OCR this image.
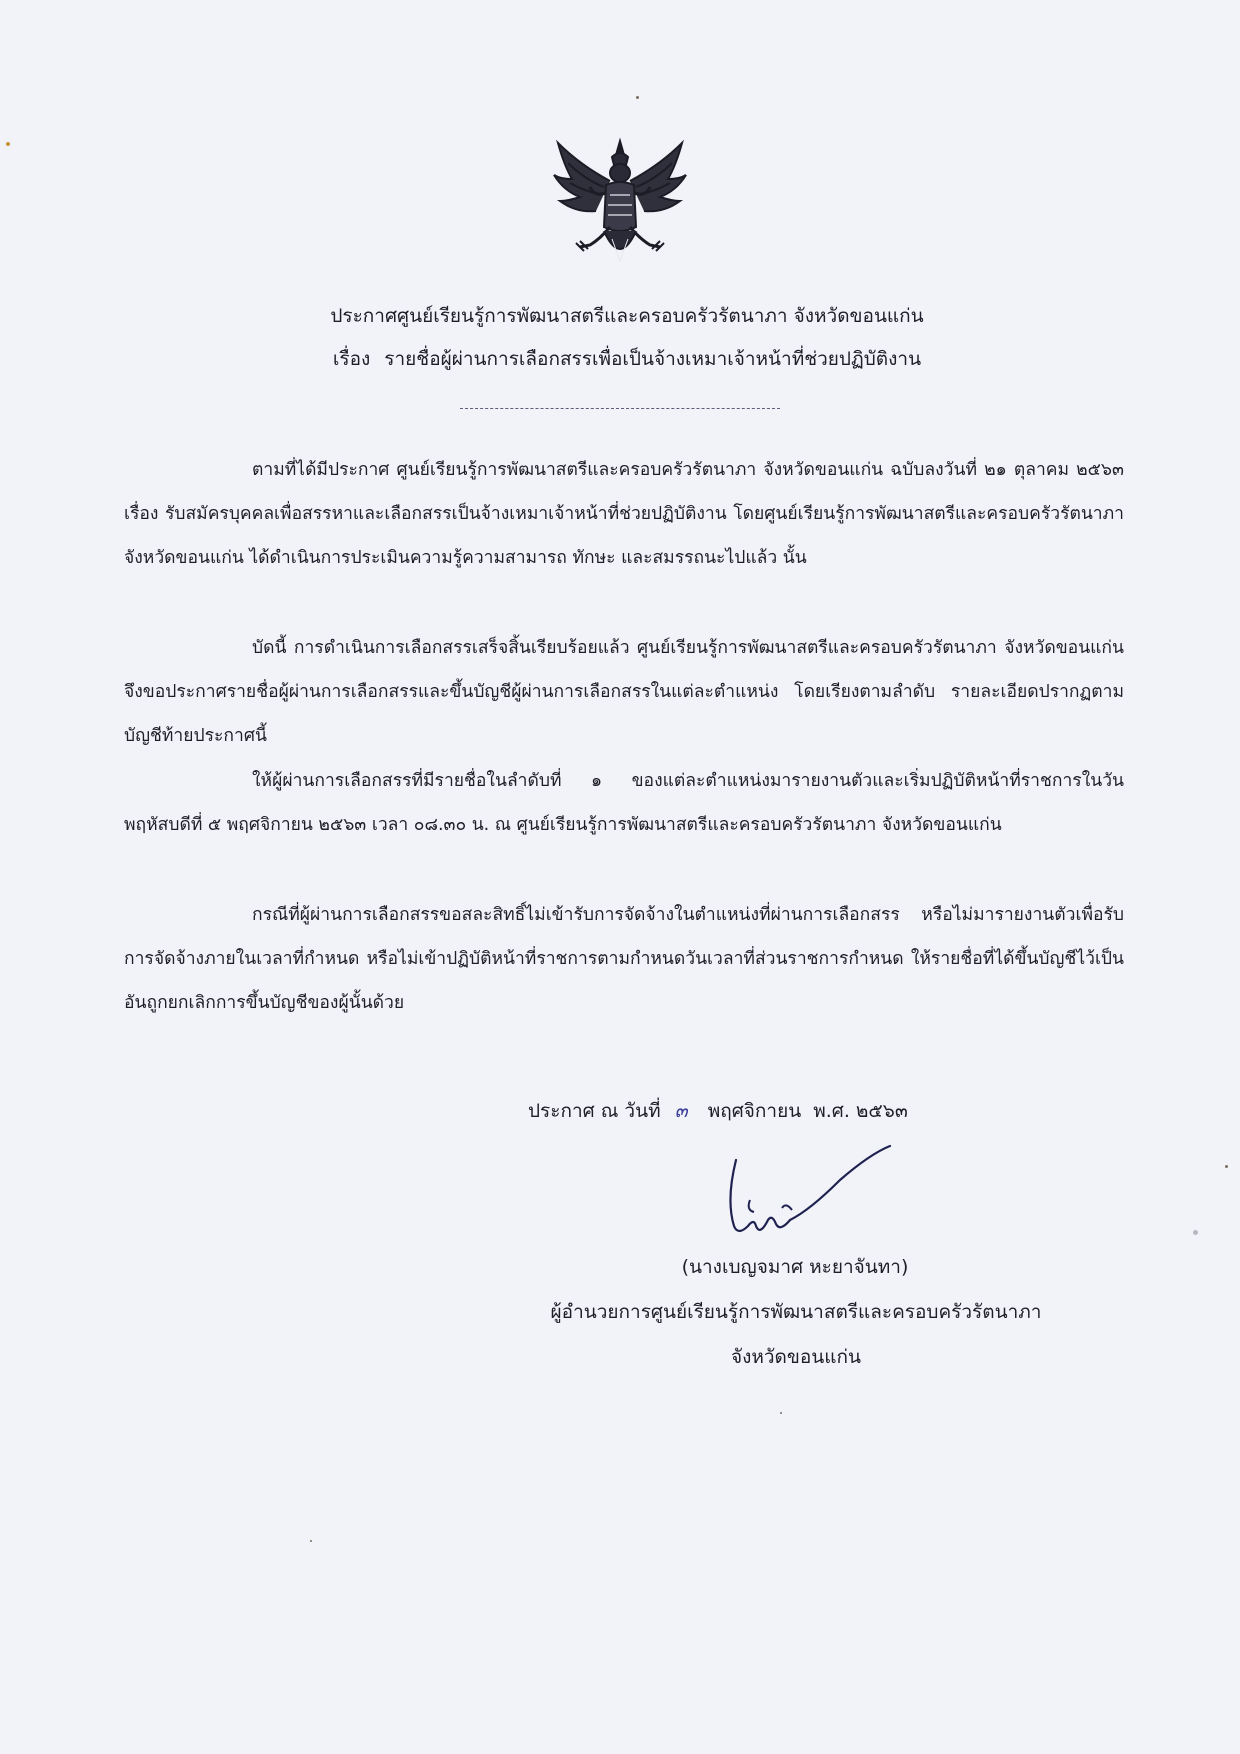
ประกาศศูนย์เรียนรู้การพัฒนาสตรีและครอบครัวรัตนาภา จังหวัดขอนแก่น
เรื่อง รายชื่อผู้ผ่านการเลือกสรรเพื่อเป็นจ้างเหมาเจ้าหน้าที่ช่วยปฏิบัติงาน
ตามที่ได้มีประกาศ ศูนย์เรียนรู้การพัฒนาสตรีและครอบครัวรัตนาภา จังหวัดขอนแก่น ฉบับลงวันที่ ๒๑ ตุลาคม ๒๕๖๓ เรื่อง รับสมัครบุคคลเพื่อสรรหาและเลือกสรรเป็นจ้างเหมาเจ้าหน้าที่ช่วยปฏิบัติงาน โดยศูนย์เรียนรู้การพัฒนาสตรีและครอบครัวรัตนาภา จังหวัดขอนแก่น ได้ดำเนินการประเมินความรู้ความสามารถ ทักษะ และสมรรถนะไปแล้ว นั้น
บัดนี้ การดำเนินการเลือกสรรเสร็จสิ้นเรียบร้อยแล้ว ศูนย์เรียนรู้การพัฒนาสตรีและครอบครัวรัตนาภา จังหวัดขอนแก่น จึงขอประกาศรายชื่อผู้ผ่านการเลือกสรรและขึ้นบัญชีผู้ผ่านการเลือกสรรในแต่ละตำแหน่ง โดยเรียงตามลำดับ รายละเอียดปรากฏตามบัญชีท้ายประกาศนี้
ให้ผู้ผ่านการเลือกสรรที่มีรายชื่อในลำดับที่ ๑ ของแต่ละตำแหน่งมารายงานตัวและเริ่มปฏิบัติหน้าที่ราชการในวันพฤหัสบดีที่ ๕ พฤศจิกายน ๒๕๖๓ เวลา ๐๘.๓๐ น. ณ ศูนย์เรียนรู้การพัฒนาสตรีและครอบครัวรัตนาภา จังหวัดขอนแก่น
กรณีที่ผู้ผ่านการเลือกสรรขอสละสิทธิ์ไม่เข้ารับการจัดจ้างในตำแหน่งที่ผ่านการเลือกสรร หรือไม่มารายงานตัวเพื่อรับการจัดจ้างภายในเวลาที่กำหนด หรือไม่เข้าปฏิบัติหน้าที่ราชการตามกำหนดวันเวลาที่ส่วนราชการกำหนด ให้รายชื่อที่ได้ขึ้นบัญชีไว้เป็นอันถูกยกเลิกการขึ้นบัญชีของผู้นั้นด้วย
ประกาศ ณ วันที่ ๓ พฤศจิกายน พ.ศ. ๒๕๖๓
(นางเบญจมาศ หะยาจันทา)
ผู้อำนวยการศูนย์เรียนรู้การพัฒนาสตรีและครอบครัวรัตนาภา
จังหวัดขอนแก่น
